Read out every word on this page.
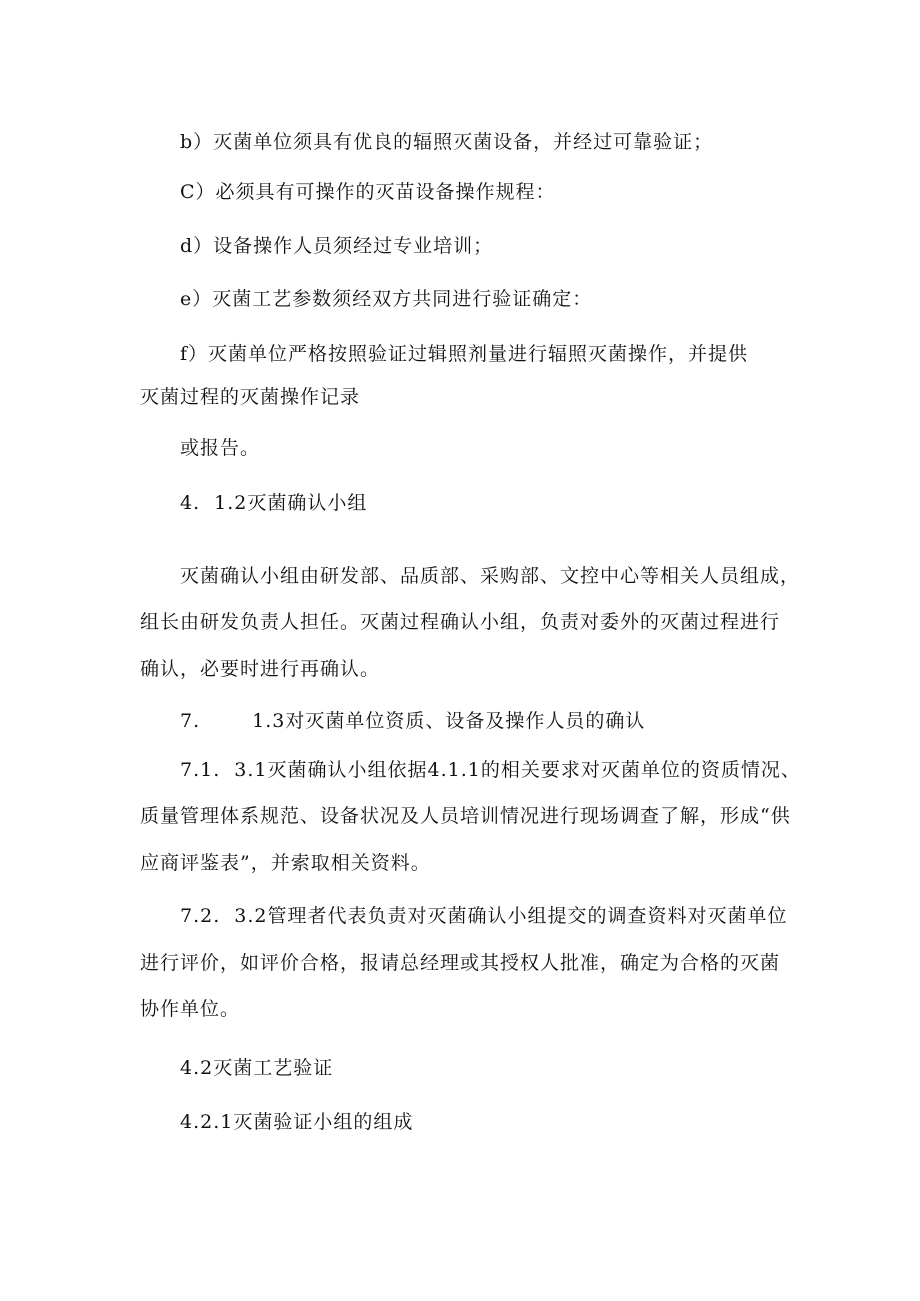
b）灭菌单位须具有优良的辐照灭菌设备，并经过可靠验证；
C）必须具有可操作的灭苗设备操作规程：
d）设备操作人员须经过专业培训；
e）灭菌工艺参数须经双方共同进行验证确定：
f）灭菌单位严格按照验证过辑照剂量进行辐照灭菌操作，并提供
灭菌过程的灭菌操作记录
或报告。
4. 1.2灭菌确认小组
灭菌确认小组由研发部、品质部、采购部、文控中心等相关人员组成，
组长由研发负责人担任。灭菌过程确认小组，负责对委外的灭菌过程进行
确认，必要时进行再确认。
7.	1.3对灭菌单位资质、设备及操作人员的确认
7.1. 3.1灭菌确认小组依据4.1.1的相关要求对灭菌单位的资质情况、
质量管理体系规范、设备状况及人员培训情况进行现场调查了解，形成“供
应商评鉴表”，并索取相关资料。
7.2. 3.2管理者代表负责对灭菌确认小组提交的调查资料对灭菌单位
进行评价，如评价合格，报请总经理或其授权人批准，确定为合格的灭菌
协作单位。
4.2灭菌工艺验证
4.2.1灭菌验证小组的组成
